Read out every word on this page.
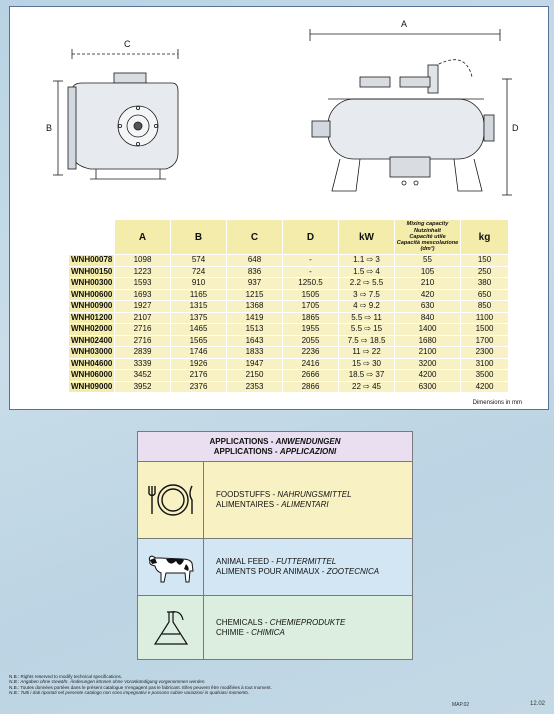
C
B
A
D
	A	B	C	D	kW	Mixing capacity
Nutzinhalt
Capacité utile
Capacità mescolazione
(dm³)	kg
WNH00078	1098	574	648	-	1.1 ⇨ 3	55	150
WNH00150	1223	724	836	-	1.5 ⇨ 4	105	250
WNH00300	1593	910	937	1250.5	2.2 ⇨ 5.5	210	380
WNH00600	1693	1165	1215	1505	3 ⇨ 7.5	420	650
WNH00900	1927	1315	1368	1705	4 ⇨ 9.2	630	850
WNH01200	2107	1375	1419	1865	5.5 ⇨ 11	840	1100
WNH02000	2716	1465	1513	1955	5.5 ⇨ 15	1400	1500
WNH02400	2716	1565	1643	2055	7.5 ⇨ 18.5	1680	1700
WNH03000	2839	1746	1833	2236	11 ⇨ 22	2100	2300
WNH04600	3339	1926	1947	2416	15 ⇨ 30	3200	3100
WNH06000	3452	2176	2150	2666	18.5 ⇨ 37	4200	3500
WNH09000	3952	2376	2353	2866	22 ⇨ 45	6300	4200
Dimensions in mm
APPLICATIONS - ANWENDUNGEN
APPLICATIONS - APPLICAZIONI
FOODSTUFFS - NAHRUNGSMITTEL
ALIMENTAIRES - ALIMENTARI
ANIMAL FEED - FUTTERMITTEL
ALIMENTS POUR ANIMAUX - ZOOTECNICA
CHEMICALS - CHEMIEPRODUKTE
CHIMIE - CHIMICA
N.B.: Rights reserved to modify technical specifications.
N.B.: Angaben ohne Gewähr. Änderungen können ohne Vorankündigung vorgenommen werden.
N.B.: Toutes données portées dans le présent catalogue n'engagent pas le fabricant. Elles peuvent être modifiées à tout moment.
N.B.: Tutti i dati riportati nel presente catalogo non sono impegnativi e possono subire variazioni in qualsiasi momento.
MAP.02	12.02
